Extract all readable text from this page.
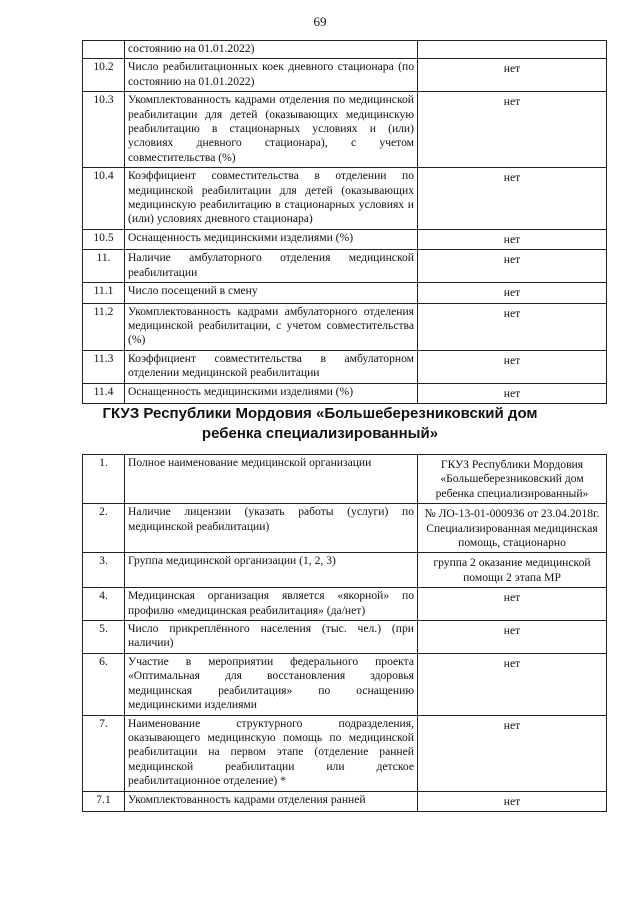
69
	состоянию на 01.01.2022)	
10.2	Число реабилитационных коек дневного стационара (по состоянию на 01.01.2022)	нет
10.3	Укомплектованность кадрами отделения по медицинской реабилитации для детей (оказывающих медицинскую реабилитацию в стационарных условиях и (или) условиях дневного стационара), с учетом совместительства (%)	нет
10.4	Коэффициент совместительства в отделении по медицинской реабилитации для детей (оказывающих медицинскую реабилитацию в стационарных условиях и (или) условиях дневного стационара)	нет
10.5	Оснащенность медицинскими изделиями (%)	нет
11.	Наличие амбулаторного отделения медицинской реабилитации	нет
11.1	Число посещений в смену	нет
11.2	Укомплектованность кадрами амбулаторного отделения медицинской реабилитации, с учетом совместительства (%)	нет
11.3	Коэффициент совместительства в амбулаторном отделении медицинской реабилитации	нет
11.4	Оснащенность медицинскими изделиями (%)	нет
ГКУЗ Республики Мордовия «Большеберезниковский дом ребенка специализированный»
1.	Полное наименование медицинской организации	ГКУЗ Республики Мордовия «Большеберезниковский дом ребенка специализированный»
2.	Наличие лицензии (указать работы (услуги) по медицинской реабилитации)	№ ЛО-13-01-000936 от 23.04.2018г. Специализированная медицинская помощь, стационарно
3.	Группа медицинской организации (1, 2, 3)	группа 2 оказание медицинской помощи 2 этапа МР
4.	Медицинская организация является «якорной» по профилю «медицинская реабилитация» (да/нет)	нет
5.	Число прикреплённого населения (тыс. чел.) (при наличии)	нет
6.	Участие в мероприятии федерального проекта «Оптимальная для восстановления здоровья медицинская реабилитация» по оснащению медицинскими изделиями	нет
7.	Наименование структурного подразделения, оказывающего медицинскую помощь по медицинской реабилитации на первом этапе (отделение ранней медицинской реабилитации или детское реабилитационное отделение) *	нет
7.1	Укомплектованность кадрами отделения ранней	нет
